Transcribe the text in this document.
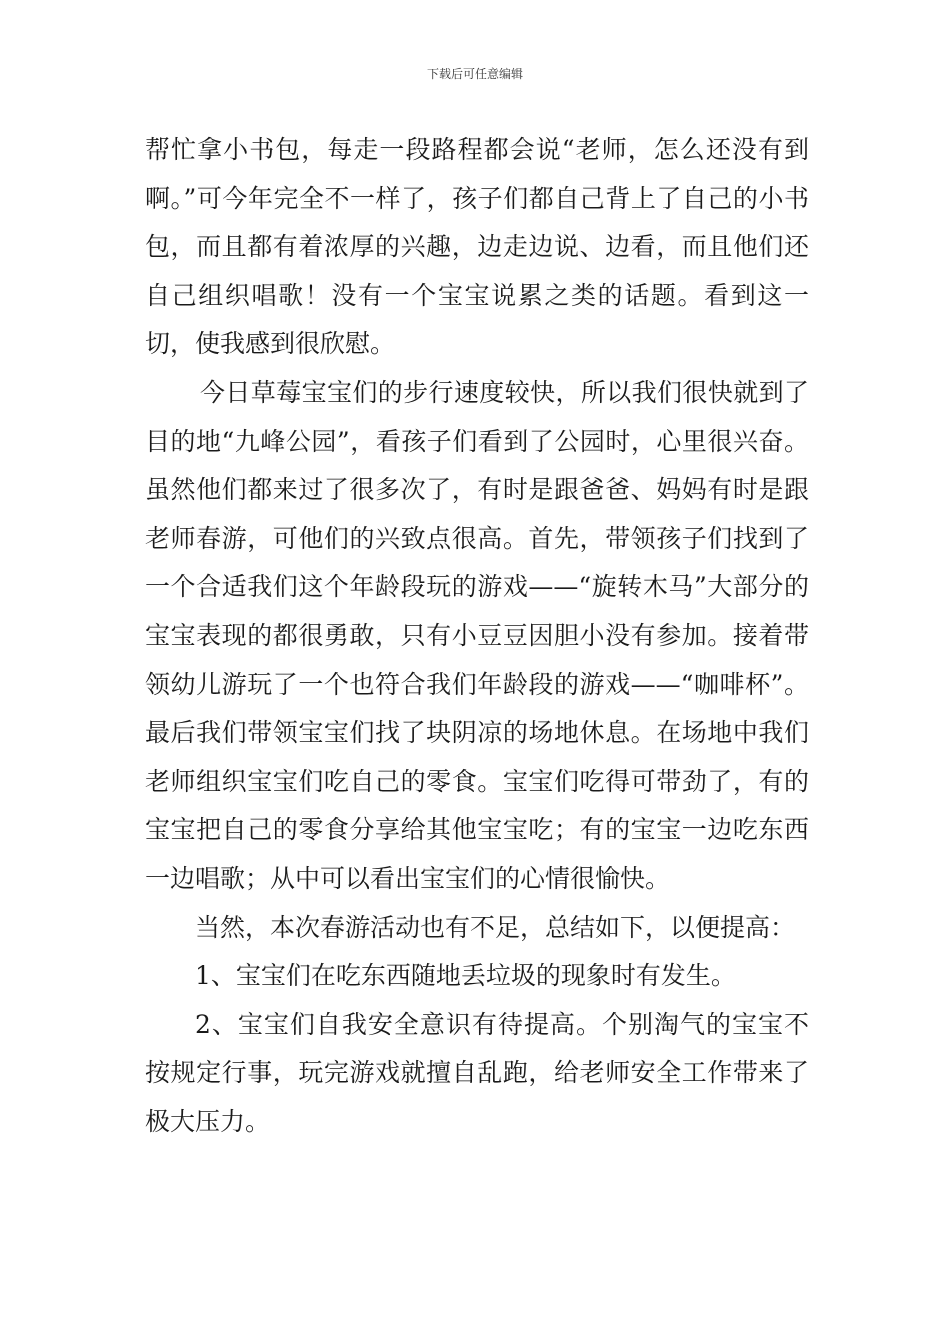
下载后可任意编辑

帮忙拿小书包，每走一段路程都会说“老师，怎么还没有到啊。”可今年完全不一样了，孩子们都自己背上了自己的小书包，而且都有着浓厚的兴趣，边走边说、边看，而且他们还自己组织唱歌！没有一个宝宝说累之类的话题。看到这一切，使我感到很欣慰。

今日草莓宝宝们的步行速度较快，所以我们很快就到了目的地“九峰公园”，看孩子们看到了公园时，心里很兴奋。虽然他们都来过了很多次了，有时是跟爸爸、妈妈有时是跟老师春游，可他们的兴致点很高。首先，带领孩子们找到了一个合适我们这个年龄段玩的游戏——“旋转木马”大部分的宝宝表现的都很勇敢，只有小豆豆因胆小没有参加。接着带领幼儿游玩了一个也符合我们年龄段的游戏——“咖啡杯”。最后我们带领宝宝们找了块阴凉的场地休息。在场地中我们老师组织宝宝们吃自己的零食。宝宝们吃得可带劲了，有的宝宝把自己的零食分享给其他宝宝吃；有的宝宝一边吃东西一边唱歌；从中可以看出宝宝们的心情很愉快。

当然，本次春游活动也有不足，总结如下，以便提高：

1、宝宝们在吃东西随地丢垃圾的现象时有发生。

2、宝宝们自我安全意识有待提高。个别淘气的宝宝不按规定行事，玩完游戏就擅自乱跑，给老师安全工作带来了极大压力。
